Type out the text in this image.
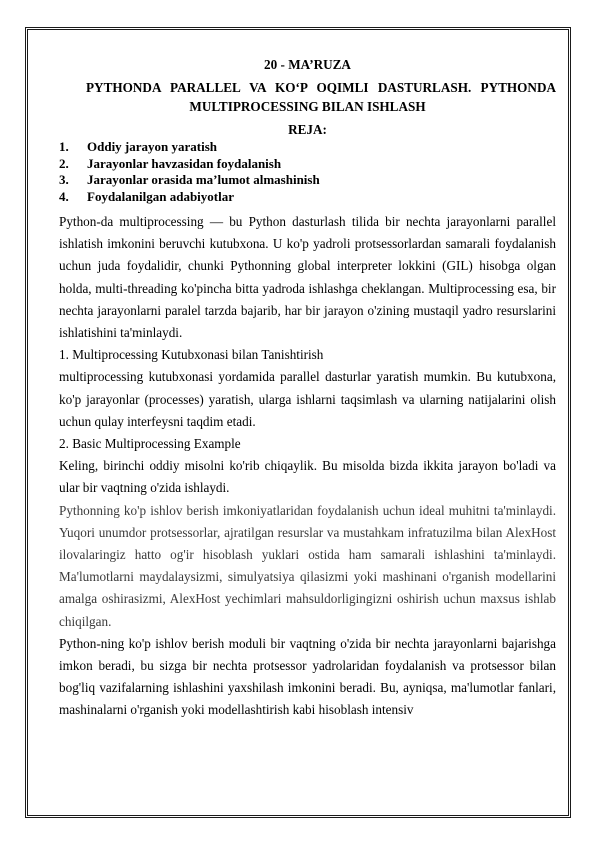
20 - MA’RUZA

PYTHONDA PARALLEL VA KO‘P OQIMLI DASTURLASH. PYTHONDA MULTIPROCESSING BILAN ISHLASH

REJA:

1.	Oddiy jarayon yaratish
2.	Jarayonlar havzasidan foydalanish
3.	Jarayonlar orasida ma’lumot almashinish
4.	Foydalanilgan adabiyotlar

Python-da multiprocessing — bu Python dasturlash tilida bir nechta jarayonlarni parallel ishlatish imkonini beruvchi kutubxona. U ko'p yadroli protsessorlardan samarali foydalanish uchun juda foydalidir, chunki Pythonning global interpreter lokkini (GIL) hisobga olgan holda, multi-threading ko'pincha bitta yadroda ishlashga cheklangan. Multiprocessing esa, bir nechta jarayonlarni paralel tarzda bajarib, har bir jarayon o'zining mustaqil yadro resurslarini ishlatishini ta'minlaydi.

1. Multiprocessing Kutubxonasi bilan Tanishtirish

multiprocessing kutubxonasi yordamida parallel dasturlar yaratish mumkin. Bu kutubxona, ko'p jarayonlar (processes) yaratish, ularga ishlarni taqsimlash va ularning natijalarini olish uchun qulay interfeysni taqdim etadi.

2. Basic Multiprocessing Example

Keling, birinchi oddiy misolni ko'rib chiqaylik. Bu misolda bizda ikkita jarayon bo'ladi va ular bir vaqtning o'zida ishlaydi.

Pythonning ko'p ishlov berish imkoniyatlaridan foydalanish uchun ideal muhitni ta'minlaydi. Yuqori unumdor protsessorlar, ajratilgan resurslar va mustahkam infratuzilma bilan AlexHost ilovalaringiz hatto og'ir hisoblash yuklari ostida ham samarali ishlashini ta'minlaydi. Ma'lumotlarni maydalaysizmi, simulyatsiya qilasizmi yoki mashinani o'rganish modellarini amalga oshirasizmi, AlexHost yechimlari mahsuldorligingizni oshirish uchun maxsus ishlab chiqilgan.

Python-ning ko'p ishlov berish moduli bir vaqtning o'zida bir nechta jarayonlarni bajarishga imkon beradi, bu sizga bir nechta protsessor yadrolaridan foydalanish va protsessor bilan bog'liq vazifalarning ishlashini yaxshilash imkonini beradi. Bu, ayniqsa, ma'lumotlar fanlari, mashinalarni o'rganish yoki modellashtirish kabi hisoblash intensiv
